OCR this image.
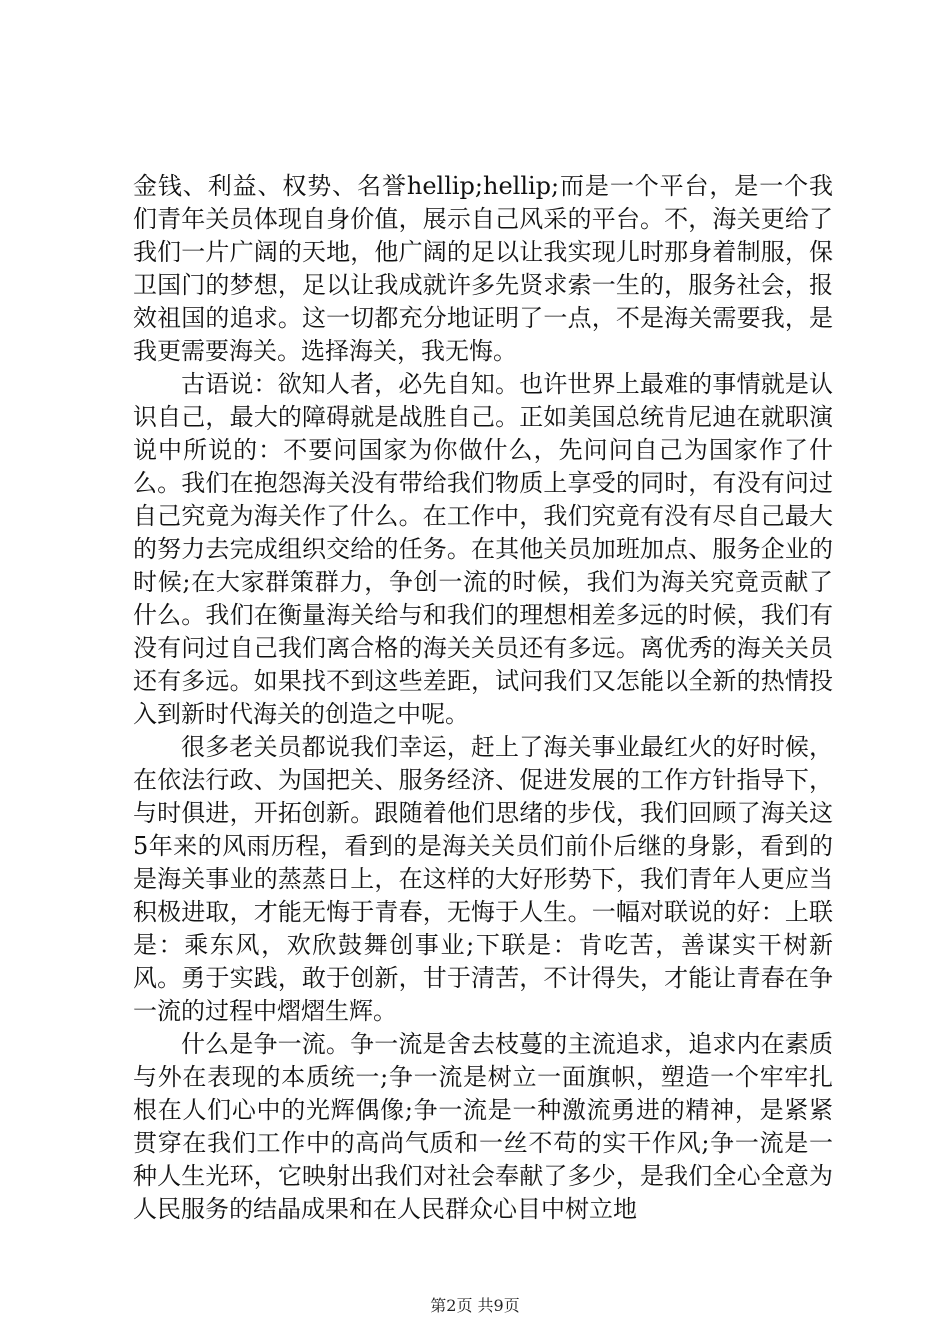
金钱、利益、权势、名誉hellip;hellip;而是一个平台，是一个我们青年关员体现自身价值，展示自己风采的平台。不，海关更给了我们一片广阔的天地，他广阔的足以让我实现儿时那身着制服，保卫国门的梦想，足以让我成就许多先贤求索一生的，服务社会，报效祖国的追求。这一切都充分地证明了一点，不是海关需要我，是我更需要海关。选择海关，我无悔。

古语说：欲知人者，必先自知。也许世界上最难的事情就是认识自己，最大的障碍就是战胜自己。正如美国总统肯尼迪在就职演说中所说的：不要问国家为你做什么，先问问自己为国家作了什么。我们在抱怨海关没有带给我们物质上享受的同时，有没有问过自己究竟为海关作了什么。在工作中，我们究竟有没有尽自己最大的努力去完成组织交给的任务。在其他关员加班加点、服务企业的时候;在大家群策群力，争创一流的时候，我们为海关究竟贡献了什么。我们在衡量海关给与和我们的理想相差多远的时候，我们有没有问过自己我们离合格的海关关员还有多远。离优秀的海关关员还有多远。如果找不到这些差距，试问我们又怎能以全新的热情投入到新时代海关的创造之中呢。

很多老关员都说我们幸运，赶上了海关事业最红火的好时候，在依法行政、为国把关、服务经济、促进发展的工作方针指导下，与时俱进，开拓创新。跟随着他们思绪的步伐，我们回顾了海关这5年来的风雨历程，看到的是海关关员们前仆后继的身影，看到的是海关事业的蒸蒸日上，在这样的大好形势下，我们青年人更应当积极进取，才能无悔于青春，无悔于人生。一幅对联说的好：上联是：乘东风，欢欣鼓舞创事业;下联是：肯吃苦，善谋实干树新风。勇于实践，敢于创新，甘于清苦，不计得失，才能让青春在争一流的过程中熠熠生辉。

什么是争一流。争一流是舍去枝蔓的主流追求，追求内在素质与外在表现的本质统一;争一流是树立一面旗帜，塑造一个牢牢扎根在人们心中的光辉偶像;争一流是一种激流勇进的精神，是紧紧贯穿在我们工作中的高尚气质和一丝不苟的实干作风;争一流是一种人生光环，它映射出我们对社会奉献了多少，是我们全心全意为人民服务的结晶成果和在人民群众心目中树立地

第2页 共9页
